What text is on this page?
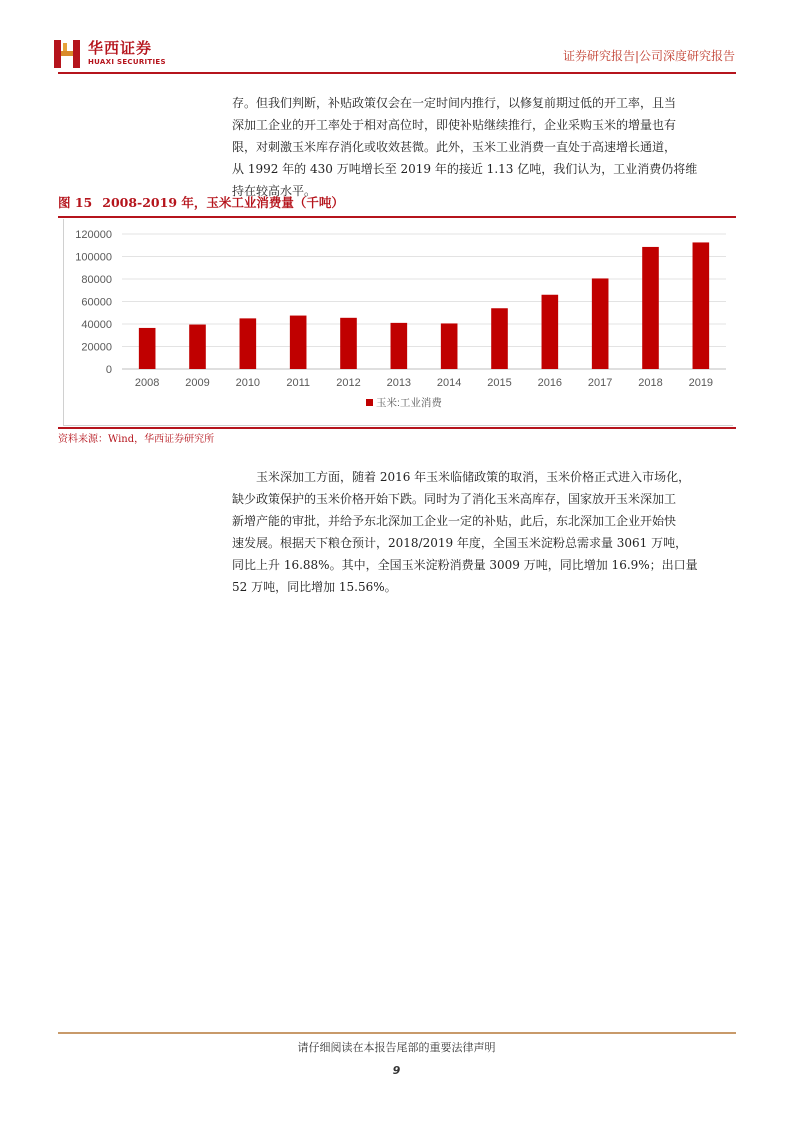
华西证券
HUAXI SECURITIES	证券研究报告|公司深度研究报告

存。但我们判断，补贴政策仅会在一定时间内推行，以修复前期过低的开工率，且当

深加工企业的开工率处于相对高位时，即使补贴继续推行，企业采购玉米的增量也有

限，对刺激玉米库存消化或收效甚微。此外，玉米工业消费一直处于高速增长通道，

从 1992 年的 430 万吨增长至 2019 年的接近 1.13 亿吨，我们认为，工业消费仍将维

持在较高水平。

图 15 2008-2019 年，玉米工业消费量（千吨）
0
20000
40000
60000
80000
100000
120000
2008 2009 2010 2011 2012 2013 2014 2015 2016 2017 2018 2019
玉米:工业消费
资料来源：Wind，华西证券研究所

玉米深加工方面，随着 2016 年玉米临储政策的取消，玉米价格正式进入市场化，

缺少政策保护的玉米价格开始下跌。同时为了消化玉米高库存，国家放开玉米深加工

新增产能的审批，并给予东北深加工企业一定的补贴，此后，东北深加工企业开始快

速发展。根据天下粮仓预计，2018/2019 年度，全国玉米淀粉总需求量 3061 万吨，

同比上升 16.88%。其中，全国玉米淀粉消费量 3009 万吨，同比增加 16.9%；出口量

52 万吨，同比增加 15.56%。

请仔细阅读在本报告尾部的重要法律声明
9
